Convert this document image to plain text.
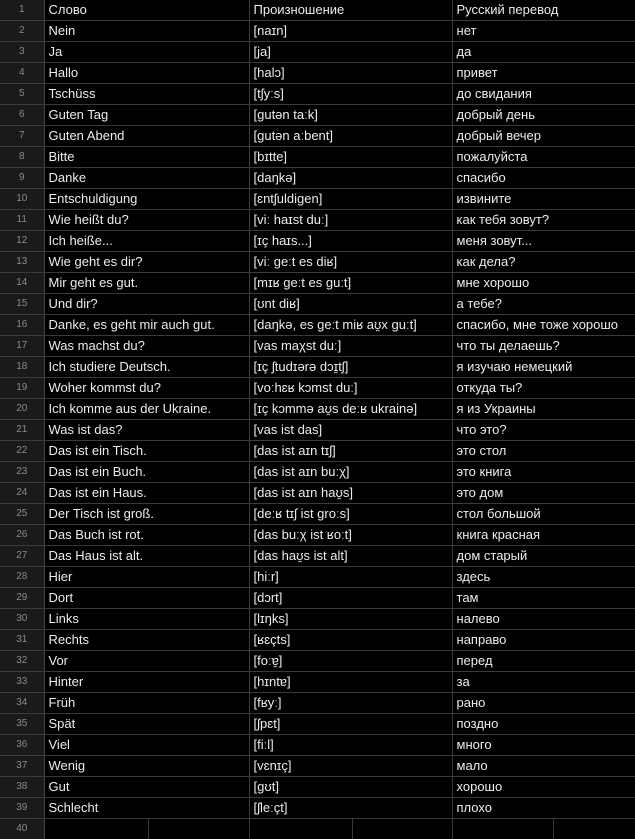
1	Слово		Произношение		Русский перевод	
2	Nein		[naɪn]		нет	
3	Ja		[ja]		да	
4	Hallo		[halɔ]		привет	
5	Tschüss		[tʃyːs]		до свидания	
6	Guten Tag		[gutən taːk]		добрый день	
7	Guten Abend		[gutən aːbent]		добрый вечер	
8	Bitte		[bɪtte]		пожалуйста	
9	Danke		[daŋkə]		спасибо	
10	Entschuldigung		[ɛntʃuldigen]		извините	
11	Wie heißt du?		[viː haɪst duː]		как тебя зовут?	
12	Ich heiße...		[ɪç haɪs...]		меня зовут...	
13	Wie geht es dir?		[viː geːt es diʁ]		как дела?	
14	Mir geht es gut.		[mɪʁ geːt es guːt]		мне хорошо	
15	Und dir?		[ʊnt diʁ]		а тебе?	
16	Danke, es geht mir auch gut.		[daŋkə, es geːt miʁ aʊ̯x guːt]		спасибо, мне тоже хорошо	
17	Was machst du?		[vas maχst duː]		что ты делаешь?	
18	Ich studiere Deutsch.		[ɪç ʃtudɪərə dɔɪ̯tʃ]		я изучаю немецкий	
19	Woher kommst du?		[voːhɛʁ kɔmst duː]		откуда ты?	
20	Ich komme aus der Ukraine.		[ɪç kɔmmə aʊ̯s deːʁ ukrainə]		я из Украины	
21	Was ist das?		[vas ist das]		что это?	
22	Das ist ein Tisch.		[das ist aɪn tɪʃ]		это стол	
23	Das ist ein Buch.		[das ist aɪn buːχ]		это книга	
24	Das ist ein Haus.		[das ist aɪn haʊ̯s]		это дом	
25	Der Tisch ist groß.		[deːʁ tɪʃ ist groːs]		стол большой	
26	Das Buch ist rot.		[das buːχ ist ʁoːt]		книга красная	
27	Das Haus ist alt.		[das haʊ̯s ist alt]		дом старый	
28	Hier		[hiːr]		здесь	
29	Dort		[dɔrt]		там	
30	Links		[lɪŋks]		налево	
31	Rechts		[ʁɛçts]		направо	
32	Vor		[foːɐ̯]		перед	
33	Hinter		[hɪntɐ]		за	
34	Früh		[fʁyː]		рано	
35	Spät		[ʃpɛt]		поздно	
36	Viel		[fiːl]		много	
37	Wenig		[vɛnɪç]		мало	
38	Gut		[gʊt]		хорошо	
39	Schlecht		[ʃleːçt]		плохо	
40						
